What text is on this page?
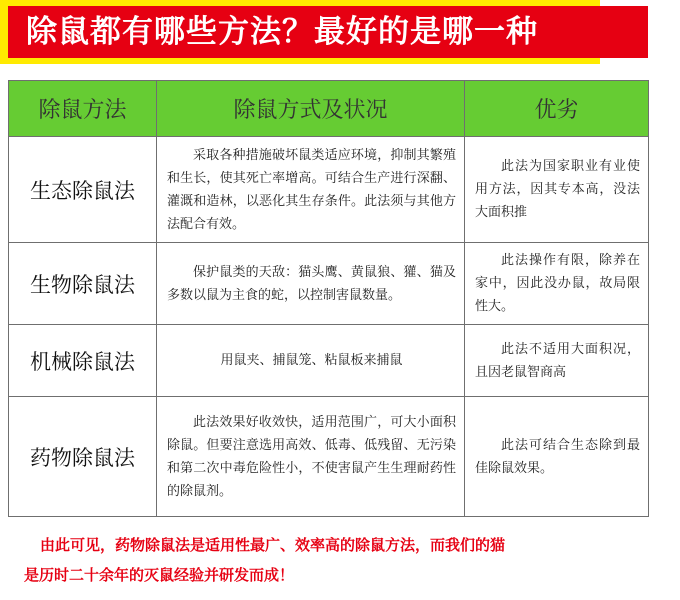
除鼠都有哪些方法？最好的是哪一种
除鼠方法	除鼠方式及状况	优劣
生态除鼠法	采取各种措施破坏鼠类适应环境，抑制其繁殖和生长，使其死亡率增高。可结合生产进行深翻、灌溉和造林，以恶化其生存条件。此法须与其他方法配合有效。	此法为国家职业有业使用方法，因其专本高，没法大面积推

生物除鼠法	保护鼠类的天敌：猫头鹰、黄鼠狼、獾、猫及多数以鼠为主食的蛇，以控制害鼠数量。	此法操作有限，除养在家中，因此没办鼠，故局限性大。

机械除鼠法	用鼠夹、捕鼠笼、粘鼠板来捕鼠	此法不适用大面积况，且因老鼠智商高

药物除鼠法	此法效果好收效快，适用范围广，可大小面积除鼠。但要注意选用高效、低毒、低残留、无污染和第二次中毒危险性小，不使害鼠产生生理耐药性的除鼠剂。	此法可结合生态除到最佳除鼠效果。
由此可见，药物除鼠法是适用性最广、效率高的除鼠方法，而我们的猫
是历时二十余年的灭鼠经验并研发而成！
